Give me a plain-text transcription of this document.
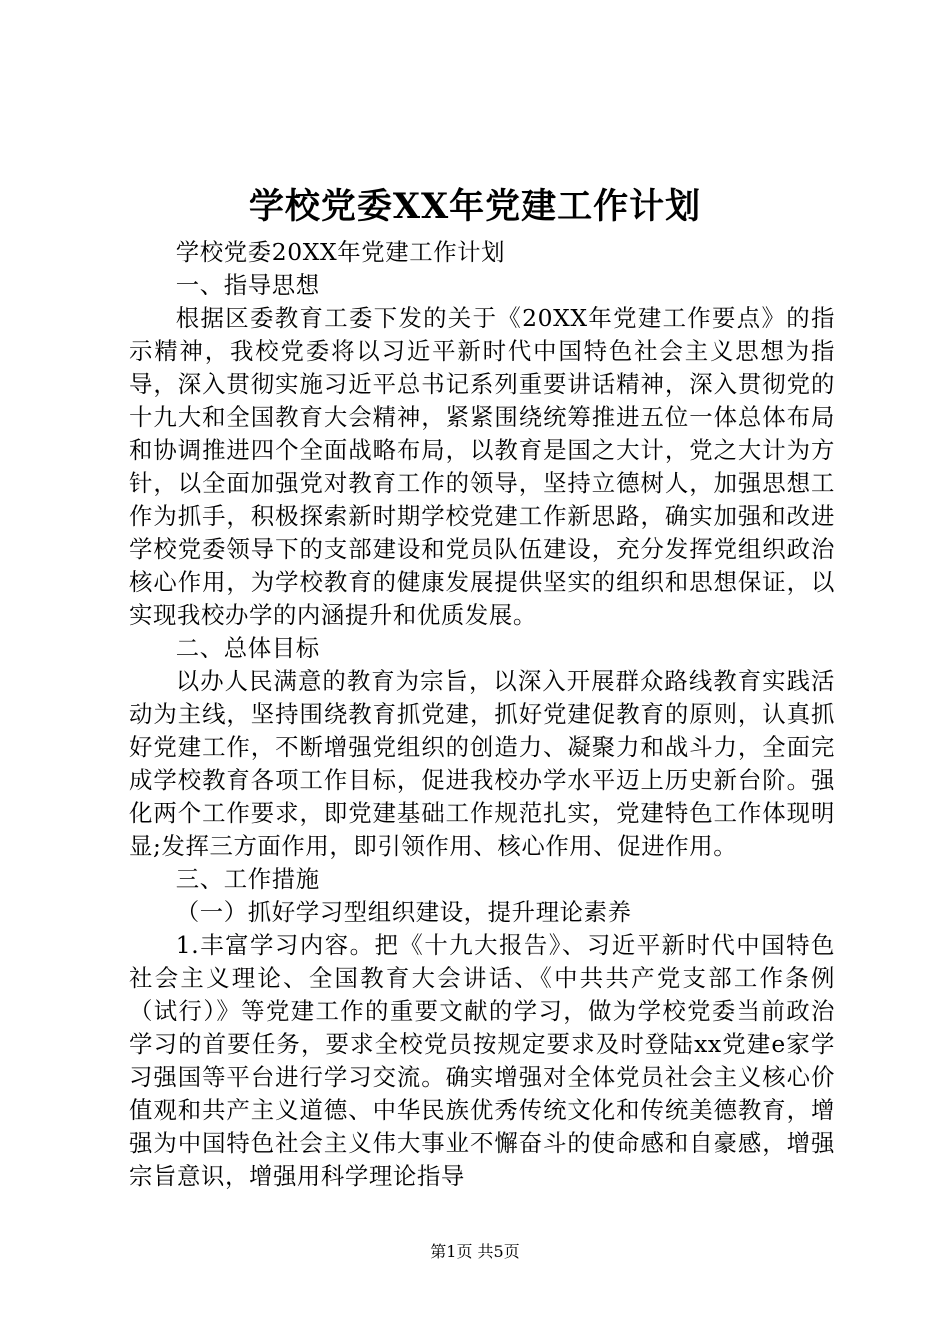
学校党委XX年党建工作计划

学校党委20XX年党建工作计划

一、指导思想

根据区委教育工委下发的关于《20XX年党建工作要点》的指示精神，我校党委将以习近平新时代中国特色社会主义思想为指导，深入贯彻实施习近平总书记系列重要讲话精神，深入贯彻党的十九大和全国教育大会精神，紧紧围绕统筹推进五位一体总体布局和协调推进四个全面战略布局，以教育是国之大计，党之大计为方针，以全面加强党对教育工作的领导，坚持立德树人，加强思想工作为抓手，积极探索新时期学校党建工作新思路，确实加强和改进学校党委领导下的支部建设和党员队伍建设，充分发挥党组织政治核心作用，为学校教育的健康发展提供坚实的组织和思想保证，以实现我校办学的内涵提升和优质发展。

二、总体目标

以办人民满意的教育为宗旨，以深入开展群众路线教育实践活动为主线，坚持围绕教育抓党建，抓好党建促教育的原则，认真抓好党建工作，不断增强党组织的创造力、凝聚力和战斗力，全面完成学校教育各项工作目标，促进我校办学水平迈上历史新台阶。强化两个工作要求，即党建基础工作规范扎实，党建特色工作体现明显;发挥三方面作用，即引领作用、核心作用、促进作用。

三、工作措施

（一）抓好学习型组织建设，提升理论素养

1.丰富学习内容。把《十九大报告》、习近平新时代中国特色社会主义理论、全国教育大会讲话、《中共共产党支部工作条例（试行）》等党建工作的重要文献的学习，做为学校党委当前政治学习的首要任务，要求全校党员按规定要求及时登陆xx党建e家学习强国等平台进行学习交流。确实增强对全体党员社会主义核心价值观和共产主义道德、中华民族优秀传统文化和传统美德教育，增强为中国特色社会主义伟大事业不懈奋斗的使命感和自豪感，增强宗旨意识，增强用科学理论指导

第1页 共5页
